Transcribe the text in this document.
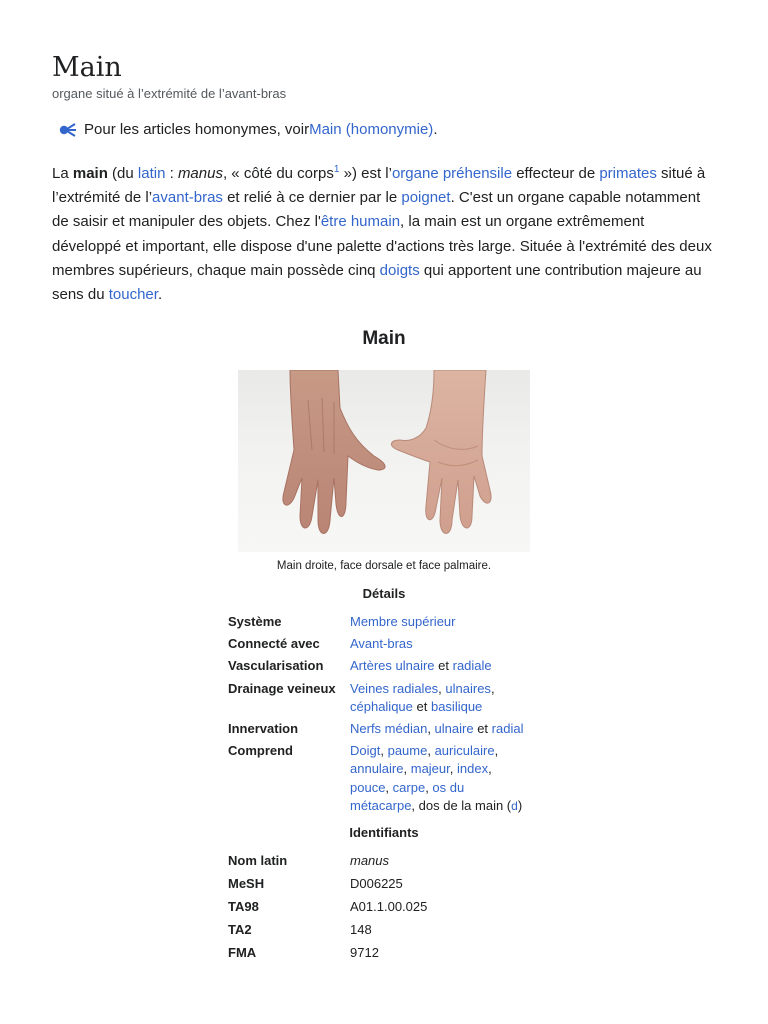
Main
organe situé à l’extrémité de l’avant-bras
Pour les articles homonymes, voir Main (homonymie) .

La main (du latin : manus, « côté du corps$^1$ ») est l’organe préhensile effecteur de primates situé à l’extrémité de l’avant-bras et relié à ce dernier par le poignet. C'est un organe capable notamment de saisir et manipuler des objets. Chez l'être humain, la main est un organe extrêmement développé et important, elle dispose d'une palette d'actions très large. Située à l'extrémité des deux membres supérieurs, chaque main possède cinq doigts qui apportent une contribution majeure au sens du toucher.

Main
Main droite, face dorsale et face palmaire.
Détails
Système	Membre supérieur
Connecté avec	Avant-bras
Vascularisation	Artères ulnaire et radiale
Drainage veineux	Veines radiales, ulnaires, céphalique et basilique
Innervation	Nerfs médian, ulnaire et radial
Comprend	Doigt, paume, auriculaire, annulaire, majeur, index, pouce, carpe, os du métacarpe, dos de la main (d)
Identifiants
Nom latin	manus
MeSH	D006225
TA98	A01.1.00.025
TA2	148
FMA	9712
